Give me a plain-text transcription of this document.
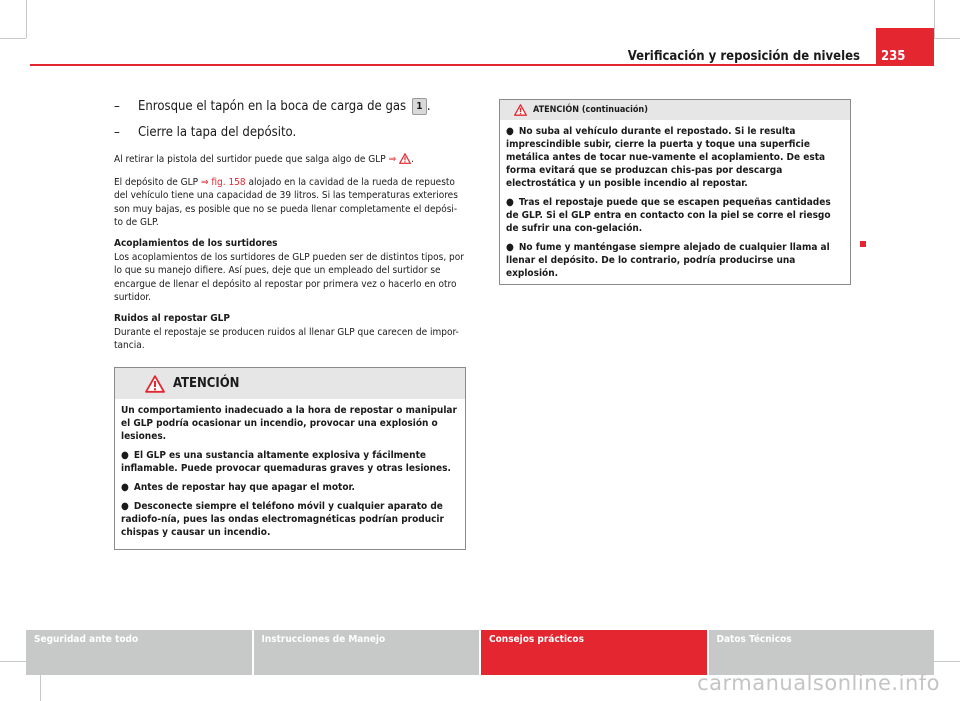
235
Verificación y reposición de niveles
– Enrosque el tapón en la boca de carga de gas 1 .
– Cierre la tapa del depósito.

Al retirar la pistola del surtidor puede que salga algo de GLP ⇒ .

El depósito de GLP ⇒ fig. 158 alojado en la cavidad de la rueda de repuesto del vehículo tiene una capacidad de 39 litros. Si las temperaturas exteriores son muy bajas, es posible que no se pueda llenar completamente el depósi-to de GLP.

Acoplamientos de los surtidores

Los acoplamientos de los surtidores de GLP pueden ser de distintos tipos, por lo que su manejo difiere. Así pues, deje que un empleado del surtidor se encargue de llenar el depósito al repostar por primera vez o hacerlo en otro surtidor.

Ruidos al repostar GLP

Durante el repostaje se producen ruidos al llenar GLP que carecen de impor-tancia.

ATENCIÓN

Un comportamiento inadecuado a la hora de repostar o manipular el GLP podría ocasionar un incendio, provocar una explosión o lesiones.

● El GLP es una sustancia altamente explosiva y fácilmente inflamable. Puede provocar quemaduras graves y otras lesiones.

● Antes de repostar hay que apagar el motor.

● Desconecte siempre el teléfono móvil y cualquier aparato de radiofo-nía, pues las ondas electromagnéticas podrían producir chispas y causar un incendio.

ATENCIÓN (continuación)

● No suba al vehículo durante el repostado. Si le resulta imprescindible subir, cierre la puerta y toque una superficie metálica antes de tocar nue-vamente el acoplamiento. De esta forma evitará que se produzcan chis-pas por descarga electrostática y un posible incendio al repostar.

● Tras el repostaje puede que se escapen pequeñas cantidades de GLP. Si el GLP entra en contacto con la piel se corre el riesgo de sufrir una con-gelación.

● No fume y manténgase siempre alejado de cualquier llama al llenar el depósito. De lo contrario, podría producirse una explosión.

Seguridad ante todo	Instrucciones de Manejo	Consejos prácticos	Datos Técnicos
carmanualsonline.info
